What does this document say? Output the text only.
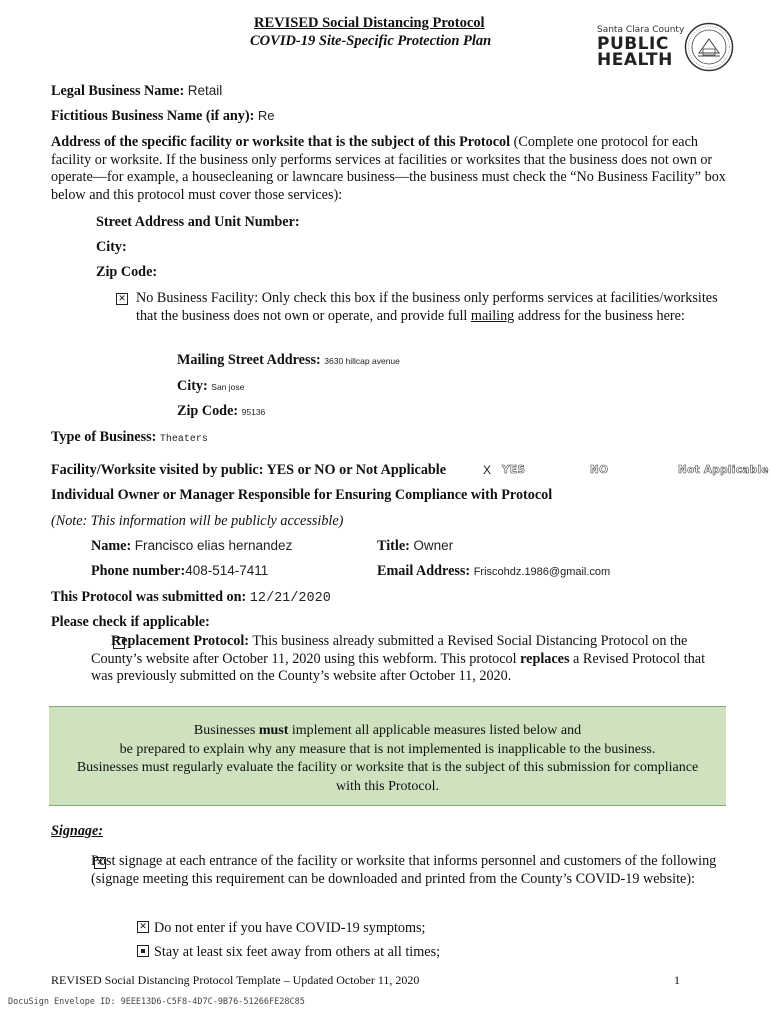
REVISED Social Distancing Protocol
COVID-19 Site-Specific Protection Plan
Santa Clara County
PUBLIC
HEALTH
Legal Business Name: Retail
Fictitious Business Name (if any): Re
Address of the specific facility or worksite that is the subject of this Protocol (Complete one protocol for each facility or worksite. If the business only performs services at facilities or worksites that the business does not own or operate—for example, a housecleaning or lawncare business—the business must check the “No Business Facility” box below and this protocol must cover those services):
Street Address and Unit Number:
City:
Zip Code:
✕
No Business Facility: Only check this box if the business only performs services at facilities/worksites that the business does not own or operate, and provide full mailing address for the business here:
Mailing Street Address: 3630 hillcap avenue
City: San jose
Zip Code: 95136
Type of Business: Theaters
Facility/Worksite visited by public: YES or NO or Not Applicable	X YES	NO	Not Applicable
Individual Owner or Manager Responsible for Ensuring Compliance with Protocol
(Note: This information will be publicly accessible)
Name: Francisco elias hernandez	Title: Owner
Phone number:408-514-7411	Email Address: Friscohdz.1986@gmail.com
This Protocol was submitted on: 12/21/2020
Please check if applicable:

Replacement Protocol: This business already submitted a Revised Social Distancing Protocol on the County’s website after October 11, 2020 using this webform. This protocol replaces a Revised Protocol that was previously submitted on the County’s website after October 11, 2020.

Businesses must implement all applicable measures listed below and

be prepared to explain why any measure that is not implemented is inapplicable to the business.

Businesses must regularly evaluate the facility or worksite that is the subject of this submission for compliance

with this Protocol.

Signage:
✕
Post signage at each entrance of the facility or worksite that informs personnel and customers of the following (signage meeting this requirement can be downloaded and printed from the County’s COVID-19 website):
✕Do not enter if you have COVID-19 symptoms;
Stay at least six feet away from others at all times;
REVISED Social Distancing Protocol Template – Updated October 11, 2020	1
DocuSign Envelope ID: 9EEE13D6-C5F8-4D7C-9B76-51266FE28C85
